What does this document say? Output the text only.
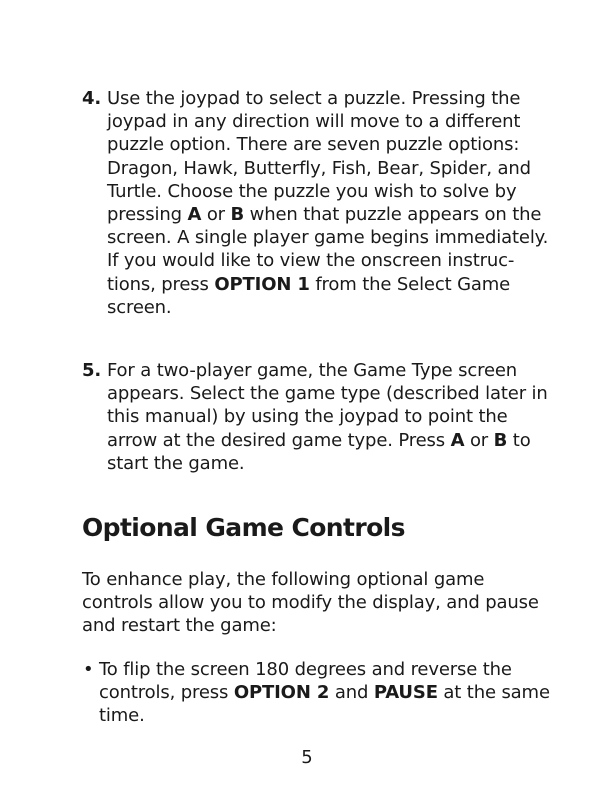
4. Use the joypad to select a puzzle. Pressing the joypad in any direction will move to a different puzzle option. There are seven puzzle options: Dragon, Hawk, Butterfly, Fish, Bear, Spider, and Turtle. Choose the puzzle you wish to solve by pressing A or B when that puzzle appears on the screen. A single player game begins immediately. If you would like to view the onscreen instructions, press OPTION 1 from the Select Game screen.
5. For a two-player game, the Game Type screen appears. Select the game type (described later in this manual) by using the joypad to point the arrow at the desired game type. Press A or B to start the game.
Optional Game Controls

To enhance play, the following optional game controls allow you to modify the display, and pause and restart the game:

• To flip the screen 180 degrees and reverse the controls, press OPTION 2 and PAUSE at the same time.
5
